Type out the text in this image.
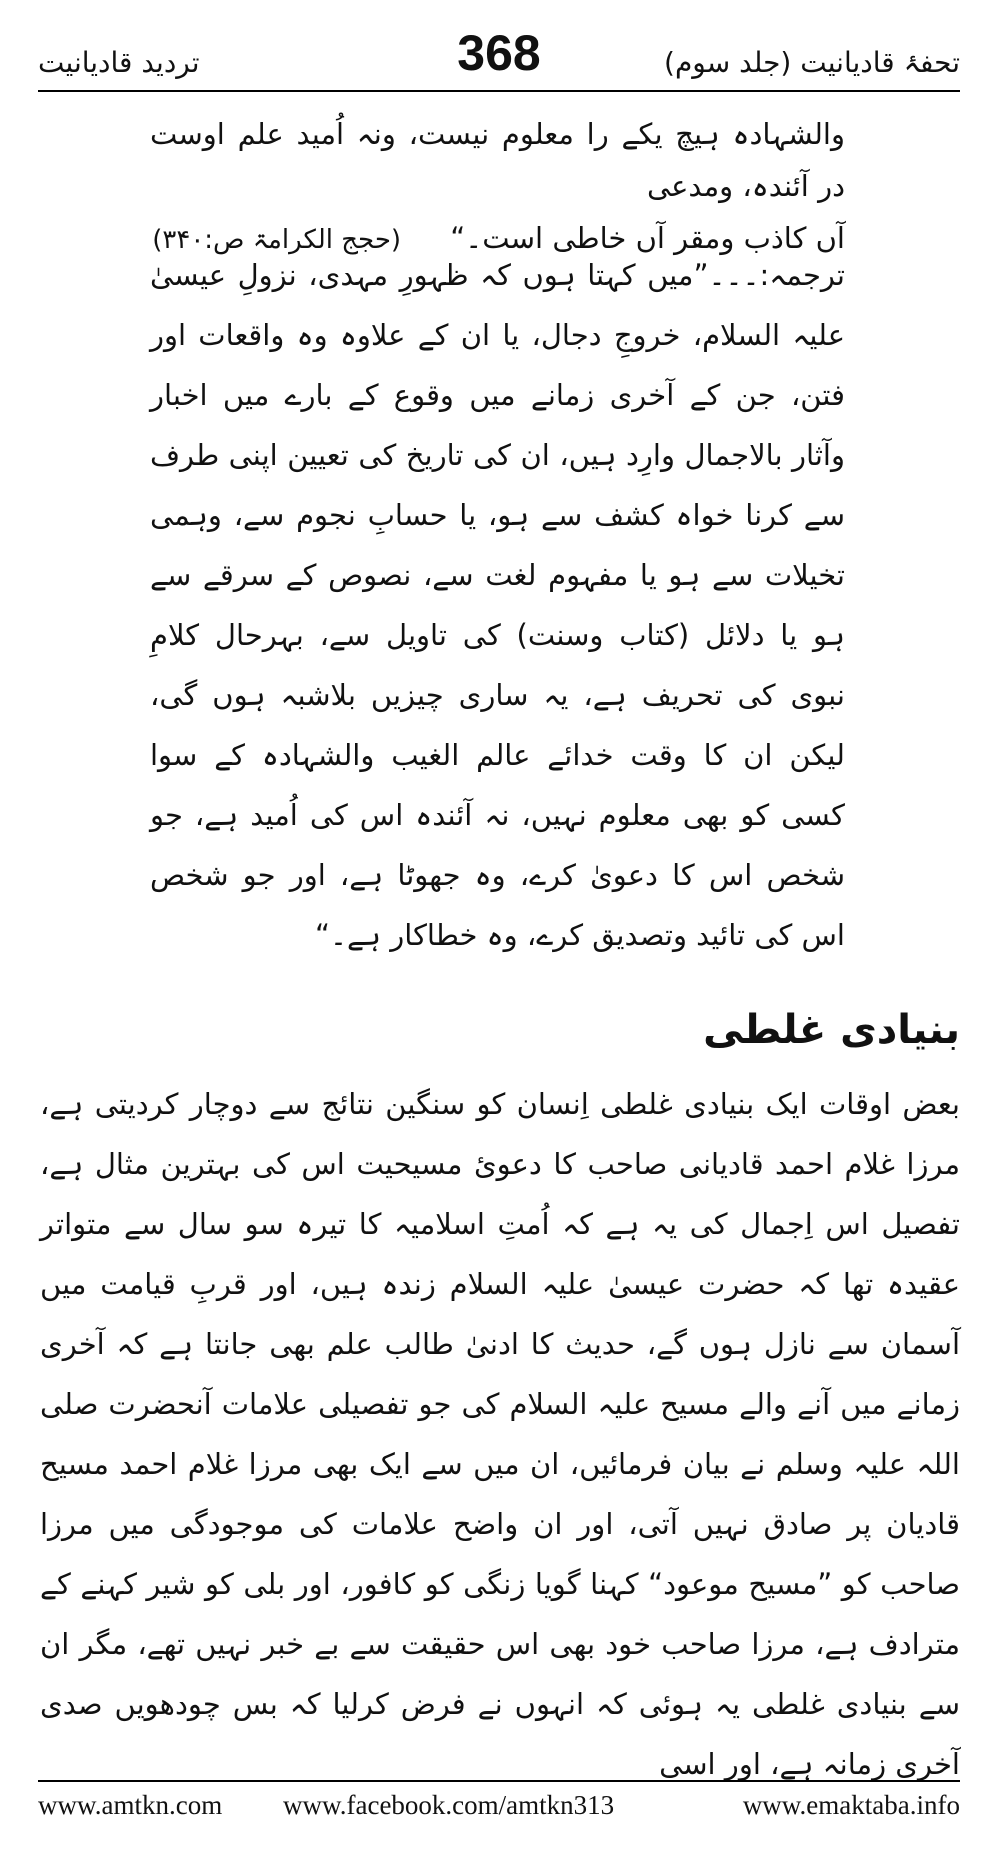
تحفۂ قادیانیت (جلد سوم)
368
تردید قادیانیت
والشہادہ ہیچ یکے را معلوم نیست، ونہ اُمید علم اوست در آئندہ، ومدعی
آں کاذب ومقر آں خاطی است۔“ (حجج الکرامۃ ص:۳۴۰)
ترجمہ:۔۔۔”میں کہتا ہوں کہ ظہورِ مہدی، نزولِ عیسیٰ علیہ السلام، خروجِ دجال، یا ان کے علاوہ وہ واقعات اور فتن، جن کے آخری زمانے میں وقوع کے بارے میں اخبار وآثار بالاجمال وارِد ہیں، ان کی تاریخ کی تعیین اپنی طرف سے کرنا خواہ کشف سے ہو، یا حسابِ نجوم سے، وہمی تخیلات سے ہو یا مفہوم لغت سے، نصوص کے سرقے سے ہو یا دلائل (کتاب وسنت) کی تاویل سے، بہرحال کلامِ نبوی کی تحریف ہے، یہ ساری چیزیں بلاشبہ ہوں گی، لیکن ان کا وقت خدائے عالم الغیب والشہادہ کے سوا کسی کو بھی معلوم نہیں، نہ آئندہ اس کی اُمید ہے، جو شخص اس کا دعویٰ کرے، وہ جھوٹا ہے، اور جو شخص اس کی تائید وتصدیق کرے، وہ خطاکار ہے۔“
بنیادی غلطی
بعض اوقات ایک بنیادی غلطی اِنسان کو سنگین نتائج سے دوچار کردیتی ہے، مرزا غلام احمد قادیانی صاحب کا دعویٔ مسیحیت اس کی بہترین مثال ہے، تفصیل اس اِجمال کی یہ ہے کہ اُمتِ اسلامیہ کا تیرہ سو سال سے متواتر عقیدہ تھا کہ حضرت عیسیٰ علیہ السلام زندہ ہیں، اور قربِ قیامت میں آسمان سے نازل ہوں گے، حدیث کا ادنیٰ طالب علم بھی جانتا ہے کہ آخری زمانے میں آنے والے مسیح علیہ السلام کی جو تفصیلی علامات آنحضرت صلی اللہ علیہ وسلم نے بیان فرمائیں، ان میں سے ایک بھی مرزا غلام احمد مسیح قادیان پر صادق نہیں آتی، اور ان واضح علامات کی موجودگی میں مرزا صاحب کو ”مسیح موعود“ کہنا گویا زنگی کو کافور، اور بلی کو شیر کہنے کے مترادف ہے، مرزا صاحب خود بھی اس حقیقت سے بے خبر نہیں تھے، مگر ان سے بنیادی غلطی یہ ہوئی کہ انہوں نے فرض کرلیا کہ بس چودھویں صدی آخری زمانہ ہے، اور اسی
www.amtkn.com www.facebook.com/amtkn313	www.emaktaba.info
